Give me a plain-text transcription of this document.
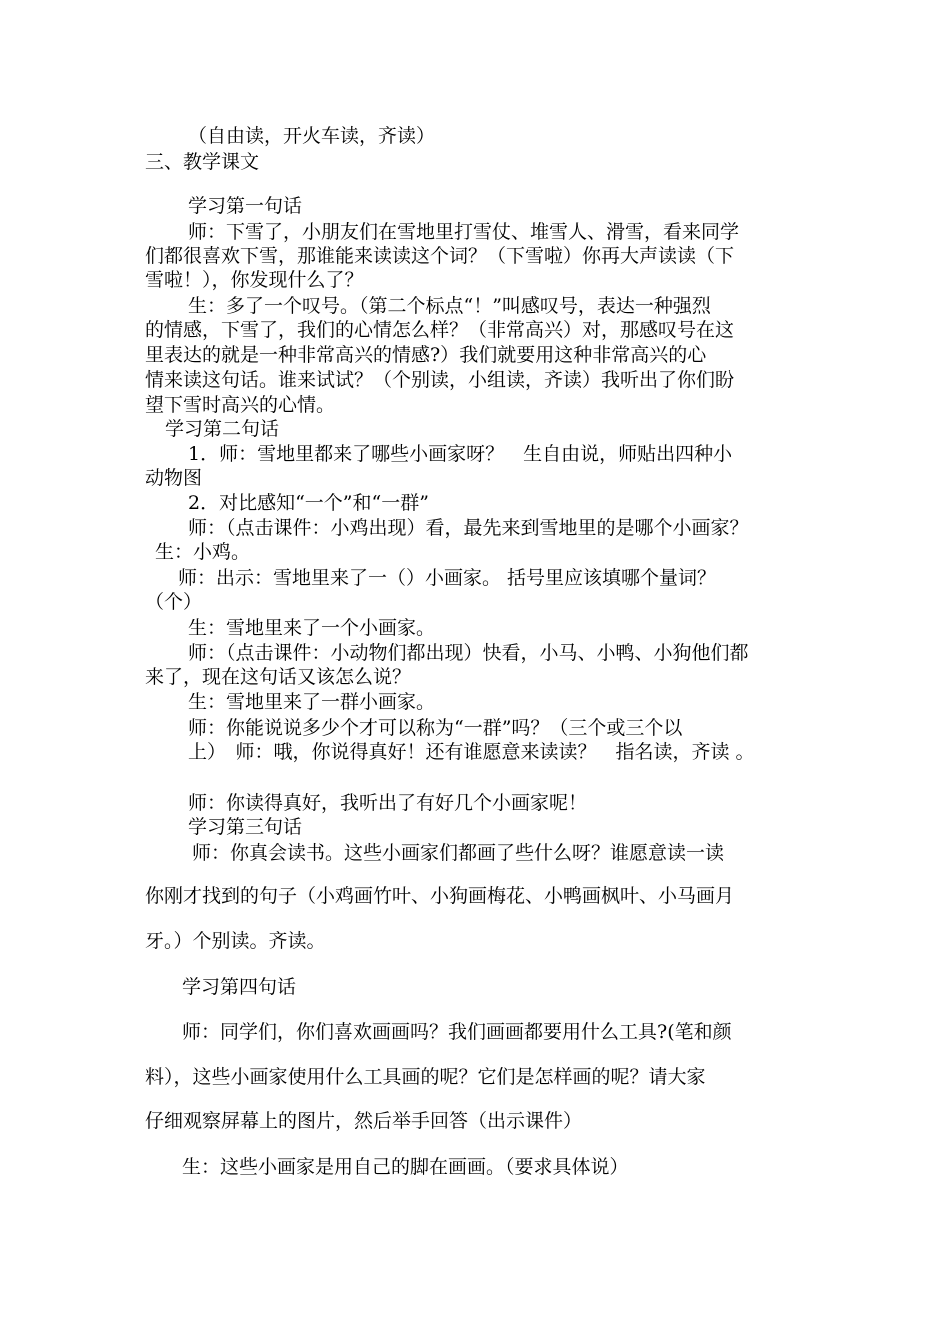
（自由读，开火车读，齐读）
三、教学课文
学习第一句话
师：下雪了，小朋友们在雪地里打雪仗、堆雪人、滑雪，看来同学
们都很喜欢下雪，那谁能来读读这个词？（下雪啦）你再大声读读（下
雪啦！），你发现什么了？
生：多了一个叹号。（第二个标点“！”叫感叹号，表达一种强烈
的情感，下雪了，我们的心情怎么样？（非常高兴）对，那感叹号在这
里表达的就是一种非常高兴的情感?）我们就要用这种非常高兴的心
情来读这句话。谁来试试？（个别读，小组读，齐读）我听出了你们盼
望下雪时高兴的心情。
学习第二句话
1．师：雪地里都来了哪些小画家呀？　生自由说，师贴出四种小
动物图
2．对比感知“一个”和“一群”
师：（点击课件：小鸡出现）看，最先来到雪地里的是哪个小画家？
生：小鸡。
师：出示：雪地里来了一（）小画家。 括号里应该填哪个量词？
（个）
生：雪地里来了一个小画家。
师：（点击课件：小动物们都出现）快看，小马、小鸭、小狗他们都
来了，现在这句话又该怎么说？
生：雪地里来了一群小画家。
师：你能说说多少个才可以称为“一群”吗？（三个或三个以
上）　师：哦，你说得真好！还有谁愿意来读读？　指名读，齐读 。
师：你读得真好，我听出了有好几个小画家呢！
学习第三句话
师：你真会读书。这些小画家们都画了些什么呀？谁愿意读一读
你刚才找到的句子（小鸡画竹叶、小狗画梅花、小鸭画枫叶、小马画月
牙。）个别读。齐读。
学习第四句话
师：同学们，你们喜欢画画吗？我们画画都要用什么工具?(笔和颜
料），这些小画家使用什么工具画的呢？它们是怎样画的呢？请大家
仔细观察屏幕上的图片，然后举手回答（出示课件）
生：这些小画家是用自己的脚在画画。（要求具体说）
